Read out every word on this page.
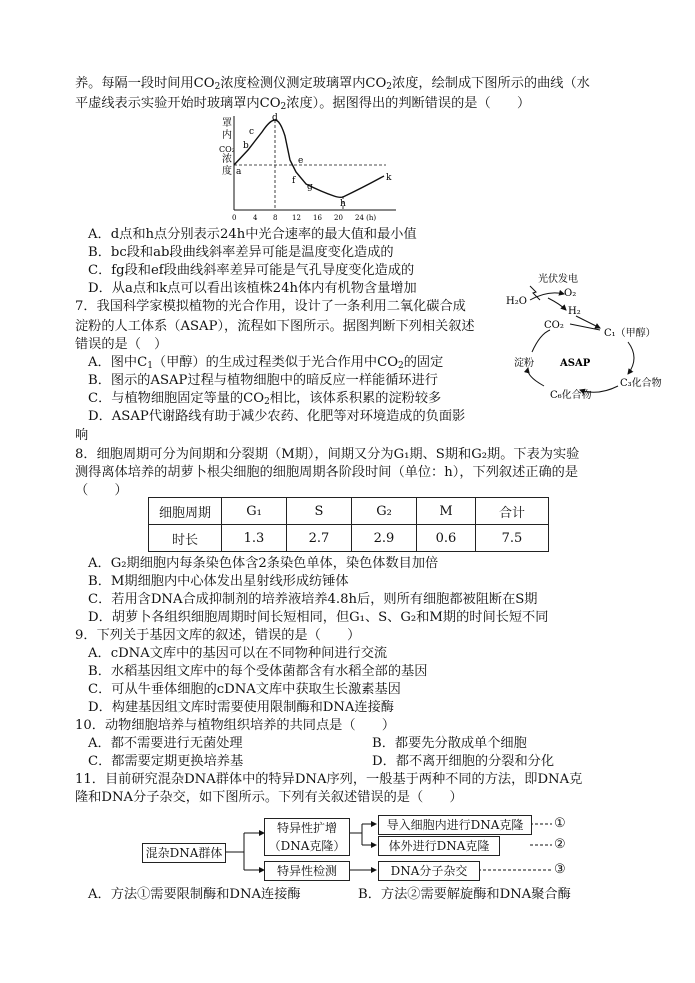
养。每隔一段时间用$CO_2$浓度检测仪测定玻璃罩内$CO_2$浓度，绘制成下图所示的曲线（水
平虚线表示实验开始时玻璃罩内$CO_2$浓度）。据图得出的判断错误的是（　　）
罩
内
CO₂
浓
度 a
b
c
d
e
f
g
h
k
0 4 8 12 16 20 24 (h)
A．d点和h点分别表示24h中光合速率的最大值和最小值
B．bc段和ab段曲线斜率差异可能是温度变化造成的
C．fg段和ef段曲线斜率差异可能是气孔导度变化造成的
D．从a点和k点可以看出该植株24h体内有机物含量增加
7．我国科学家模拟植物的光合作用，设计了一条利用二氧化碳合成
淀粉的人工体系（ASAP），流程如下图所示。据图判断下列相关叙述
错误的是（　）
A．图中$C_1$（甲醇）的生成过程类似于光合作用中$CO_2$的固定
B．图示的ASAP过程与植物细胞中的暗反应一样能循环进行
C．与植物细胞固定等量的$CO_2$相比，该体系积累的淀粉较多
D．ASAP代谢路线有助于减少农药、化肥等对环境造成的负面影
响
光伏发电
H₂O
O₂
H₂
CO₂
C₁（甲醇）
ASAP
淀粉
C₃化合物
C₆化合物
8．细胞周期可分为间期和分裂期（M期），间期又分为G₁期、S期和G₂期。下表为实验
测得离体培养的胡萝卜根尖细胞的细胞周期各阶段时间（单位：h），下列叙述正确的是
（　　）
细胞周期	G₁	S	G₂	M	合计
时长	1.3	2.7	2.9	0.6	7.5
A．G₂期细胞内每条染色体含2条染色单体，染色体数目加倍
B．M期细胞内中心体发出星射线形成纺锤体
C．若用含DNA合成抑制剂的培养液培养4.8h后，则所有细胞都被阻断在S期
D．胡萝卜各组织细胞周期时间长短相同，但G₁、S、G₂和M期的时间长短不同
9．下列关于基因文库的叙述，错误的是（　　）
A．cDNA文库中的基因可以在不同物种间进行交流
B．水稻基因组文库中的每个受体菌都含有水稻全部的基因
C．可从牛垂体细胞的cDNA文库中获取生长激素基因
D．构建基因组文库时需要使用限制酶和DNA连接酶
10．动物细胞培养与植物组织培养的共同点是（　　）
A．都不需要进行无菌处理	B．都要先分散成单个细胞
C．都需要定期更换培养基	D．都不离开细胞的分裂和分化
11．目前研究混杂DNA群体中的特异DNA序列，一般基于两种不同的方法，即DNA克
隆和DNA分子杂交，如下图所示。下列有关叙述错误的是（　　）
混杂DNA群体
特异性扩增
（DNA克隆）
特异性检测
导入细胞内进行DNA克隆
体外进行DNA克隆
DNA分子杂交
①
②
③
A．方法①需要限制酶和DNA连接酶	B．方法②需要解旋酶和DNA聚合酶
